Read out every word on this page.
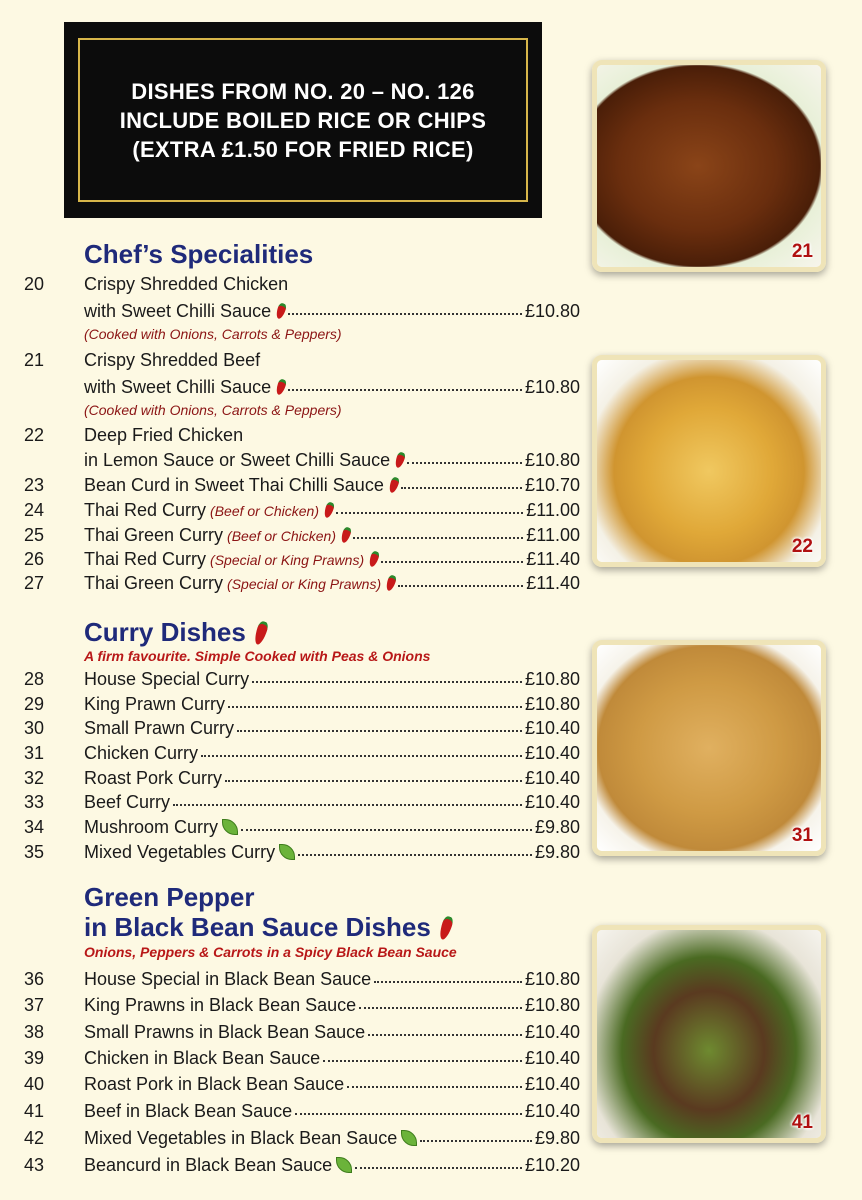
DISHES FROM NO. 20 – NO. 126
INCLUDE BOILED RICE OR CHIPS
(EXTRA £1.50 FOR FRIED RICE)
Chef’s Specialities
20	Crispy Shredded Chicken
with Sweet Chilli Sauce	£10.80
(Cooked with Onions, Carrots & Peppers)
21	Crispy Shredded Beef
with Sweet Chilli Sauce	£10.80
(Cooked with Onions, Carrots & Peppers)
22	Deep Fried Chicken
in Lemon Sauce or Sweet Chilli Sauce	£10.80
23	Bean Curd in Sweet Thai Chilli Sauce	£10.70
24	Thai Red Curry (Beef or Chicken)	£11.00
25	Thai Green Curry (Beef or Chicken)	£11.00
26	Thai Red Curry (Special or King Prawns)	£11.40
27	Thai Green Curry (Special or King Prawns)	£11.40
Curry Dishes
A firm favourite. Simple Cooked with Peas & Onions
28	House Special Curry	£10.80
29	King Prawn Curry	£10.80
30	Small Prawn Curry	£10.40
31	Chicken Curry	£10.40
32	Roast Pork Curry	£10.40
33	Beef Curry	£10.40
34	Mushroom Curry	£9.80
35	Mixed Vegetables Curry	£9.80
Green Pepper
in Black Bean Sauce Dishes
Onions, Peppers & Carrots in a Spicy Black Bean Sauce
36	House Special in Black Bean Sauce	£10.80
37	King Prawns in Black Bean Sauce	£10.80
38	Small Prawns in Black Bean Sauce	£10.40
39	Chicken in Black Bean Sauce	£10.40
40	Roast Pork in Black Bean Sauce	£10.40
41	Beef in Black Bean Sauce	£10.40
42	Mixed Vegetables in Black Bean Sauce	£9.80
43	Beancurd in Black Bean Sauce	£10.20
21
22
31
41
